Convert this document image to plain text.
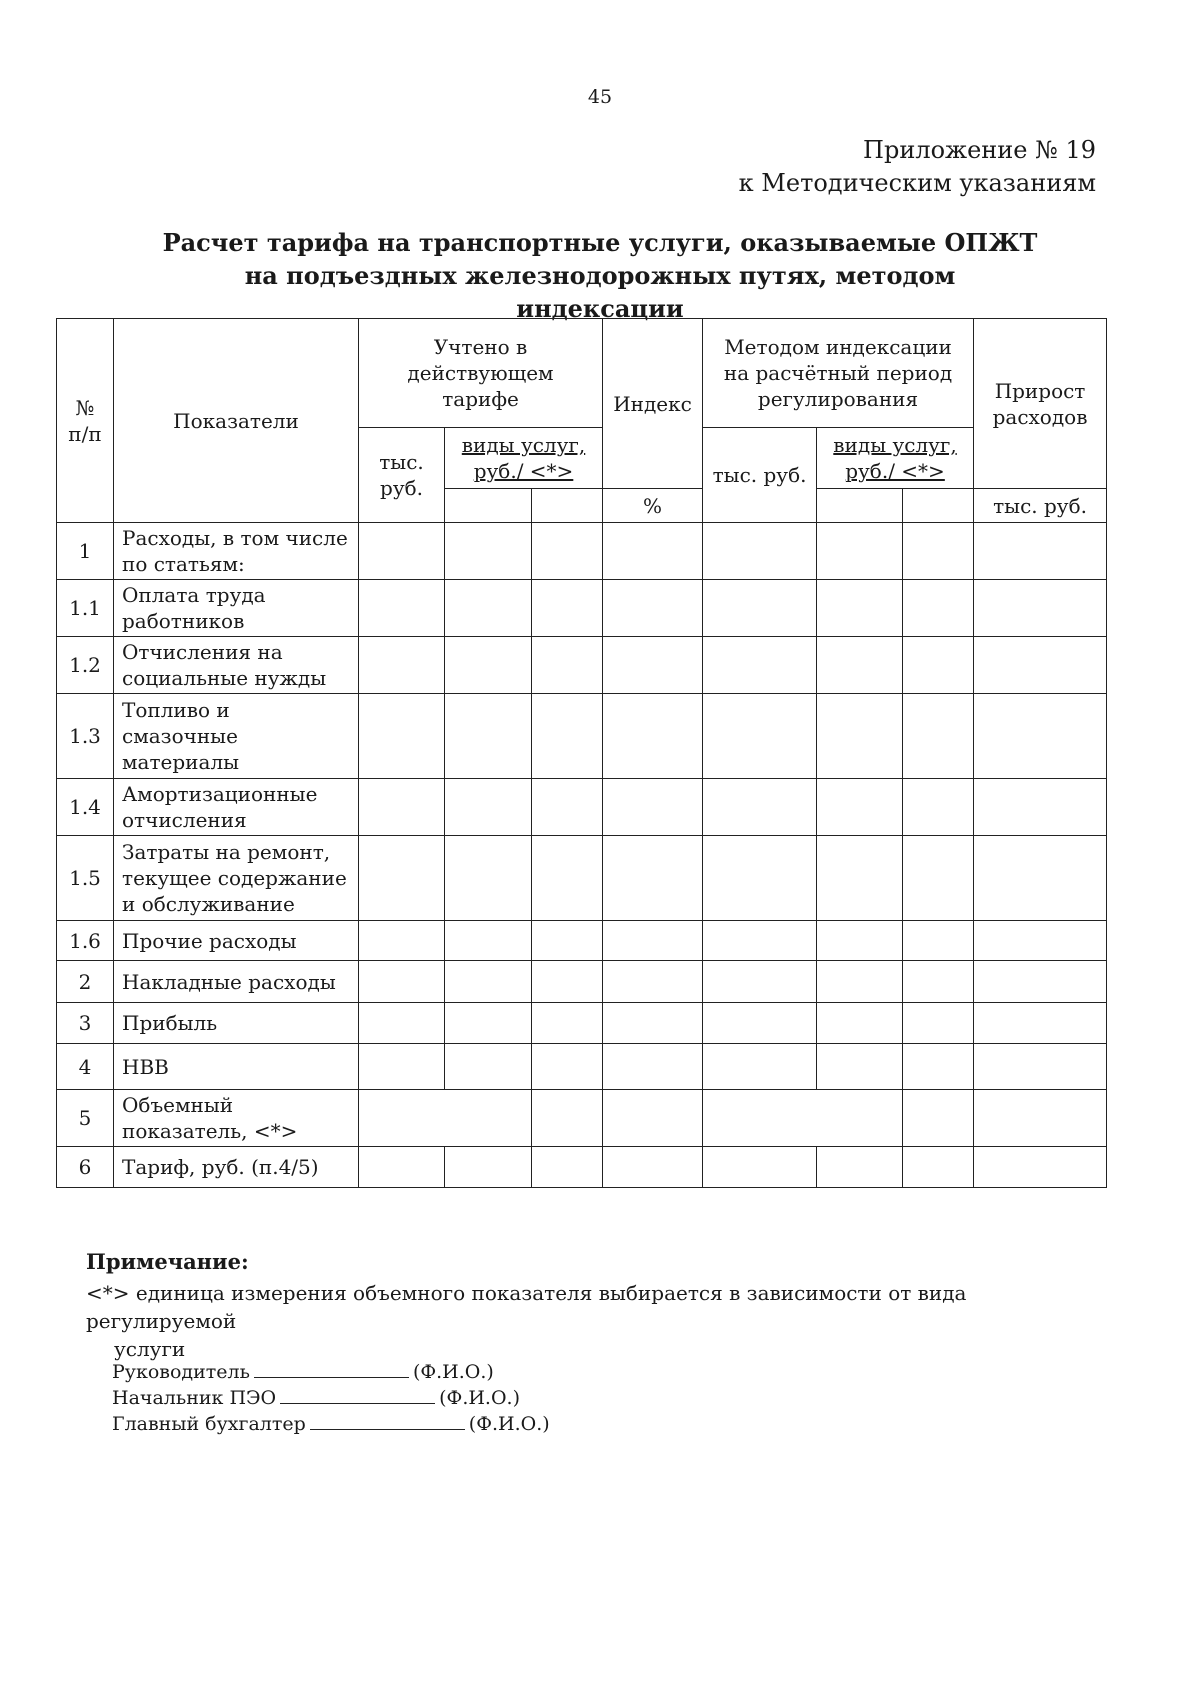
45
Приложение № 19
к Методическим указаниям
Расчет тарифа на транспортные услуги, оказываемые ОПЖТ на подъездных железнодорожных путях, методом индексации
№ п/п	Показатели	Учтено в действующем тарифе			Индекс	Методом индексации на расчётный период регулирования			Прирост расходов
		тыс. руб.	виды услуг, руб./ <*>			тыс. руб.	виды услуг, руб./ <*>		
					%				тыс. руб.
1	Расходы, в том числе по статьям:								
1.1	Оплата труда работников								
1.2	Отчисления на социальные нужды								
1.3	Топливо и смазочные материалы								
1.4	Амортизационные отчисления								
1.5	Затраты на ремонт, текущее содержание и обслуживание								
1.6	Прочие расходы								
2	Накладные расходы								
3	Прибыль								
4	НВВ								
5	Объемный показатель, <*>								
6	Тариф, руб. (п.4/5)								
Примечание:
<*> единица измерения объемного показателя выбирается в зависимости от вида регулируемой
услуги
Руководитель	(Ф.И.О.)
Начальник ПЭО	(Ф.И.О.)
Главный бухгалтер	(Ф.И.О.)
